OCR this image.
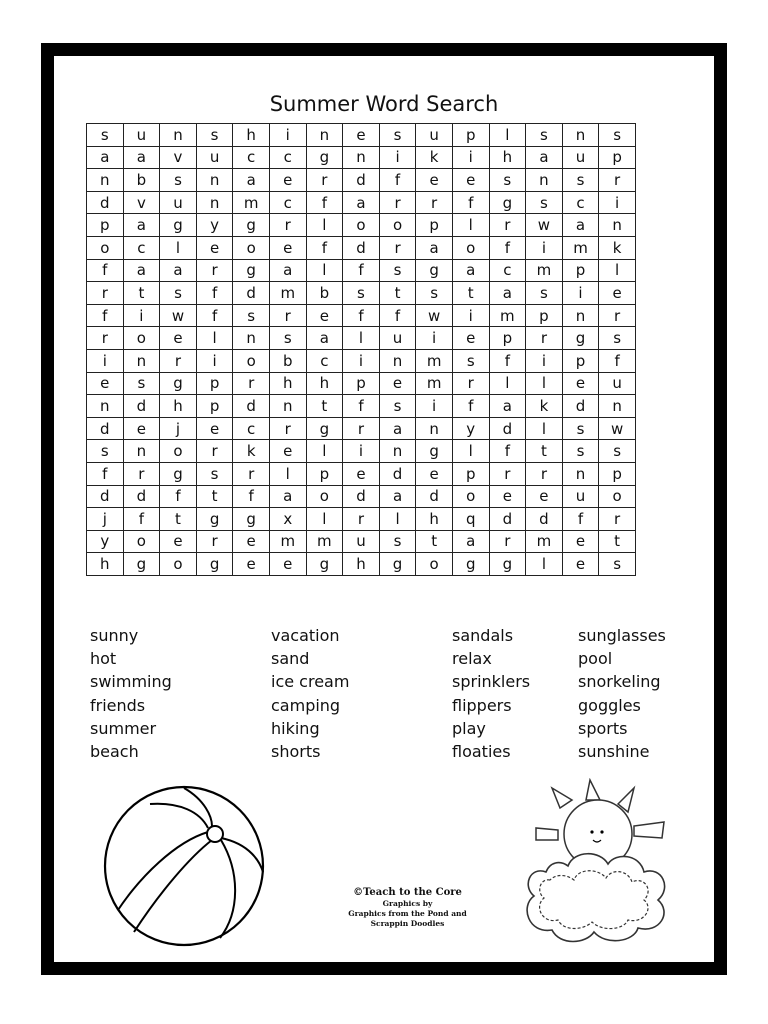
Summer Word Search
s	u	n	s	h	i	n	e	s	u	p	l	s	n	s
a	a	v	u	c	c	g	n	i	k	i	h	a	u	p
n	b	s	n	a	e	r	d	f	e	e	s	n	s	r
d	v	u	n	m	c	f	a	r	r	f	g	s	c	i
p	a	g	y	g	r	l	o	o	p	l	r	w	a	n
o	c	l	e	o	e	f	d	r	a	o	f	i	m	k
f	a	a	r	g	a	l	f	s	g	a	c	m	p	l
r	t	s	f	d	m	b	s	t	s	t	a	s	i	e
f	i	w	f	s	r	e	f	f	w	i	m	p	n	r
r	o	e	l	n	s	a	l	u	i	e	p	r	g	s
i	n	r	i	o	b	c	i	n	m	s	f	i	p	f
e	s	g	p	r	h	h	p	e	m	r	l	l	e	u
n	d	h	p	d	n	t	f	s	i	f	a	k	d	n
d	e	j	e	c	r	g	r	a	n	y	d	l	s	w
s	n	o	r	k	e	l	i	n	g	l	f	t	s	s
f	r	g	s	r	l	p	e	d	e	p	r	r	n	p
d	d	f	t	f	a	o	d	a	d	o	e	e	u	o
j	f	t	g	g	x	l	r	l	h	q	d	d	f	r
y	o	e	r	e	m	m	u	s	t	a	r	m	e	t
h	g	o	g	e	e	g	h	g	o	g	g	l	e	s
sunny
hot
swimming
friends
summer
beach
vacation
sand
ice cream
camping
hiking
shorts
sandals
relax
sprinklers
flippers
play
floaties
sunglasses
pool
snorkeling
goggles
sports
sunshine
©Teach to the Core
Graphics by
Graphics from the Pond and
Scrappin Doodles
